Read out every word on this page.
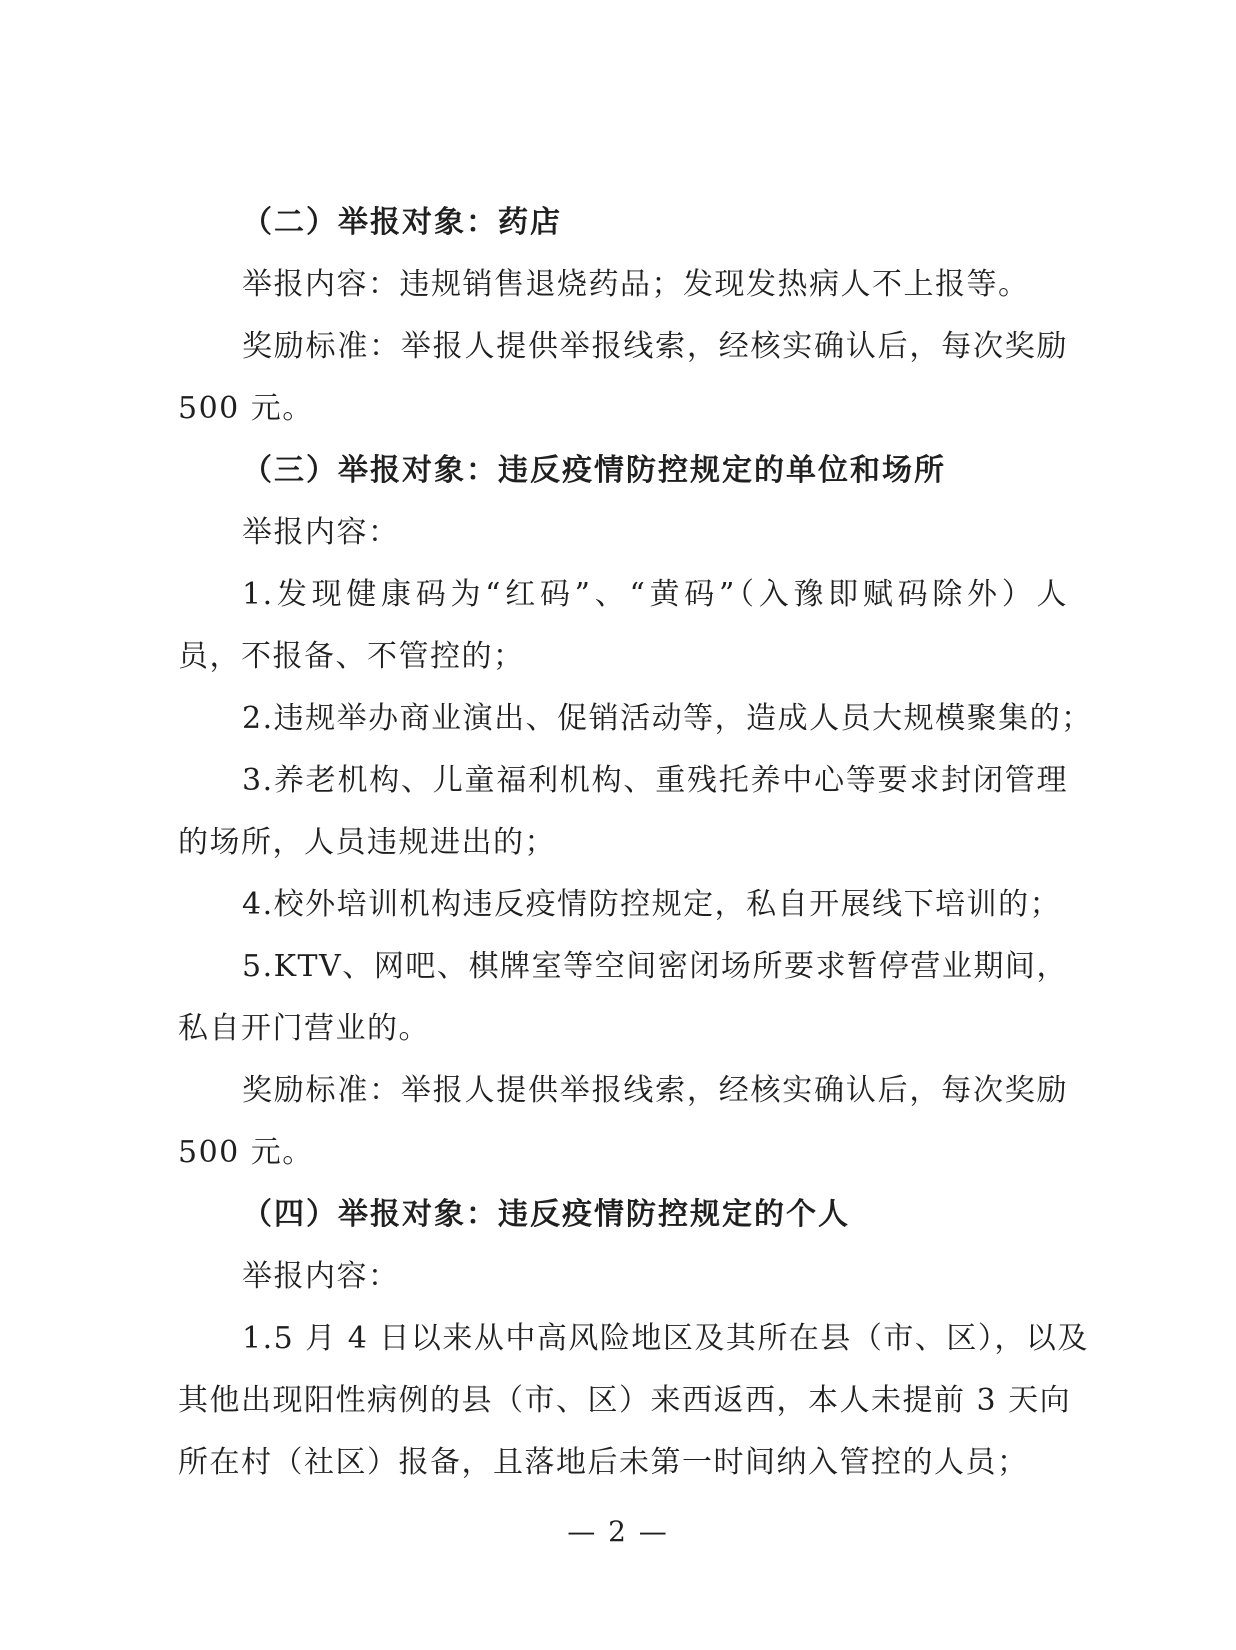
（二）举报对象：药店
举报内容：违规销售退烧药品；发现发热病人不上报等。
奖励标准：举报人提供举报线索，经核实确认后，每次奖励
500 元。
（三）举报对象：违反疫情防控规定的单位和场所
举报内容：
1.发现健康码为“红码”、“黄码”（入豫即赋码除外）人
员，不报备、不管控的；
2.违规举办商业演出、促销活动等，造成人员大规模聚集的；
3.养老机构、儿童福利机构、重残托养中心等要求封闭管理
的场所，人员违规进出的；
4.校外培训机构违反疫情防控规定，私自开展线下培训的；
5.KTV、网吧、棋牌室等空间密闭场所要求暂停营业期间，
私自开门营业的。
奖励标准：举报人提供举报线索，经核实确认后，每次奖励
500 元。
（四）举报对象：违反疫情防控规定的个人
举报内容：
1.5 月 4 日以来从中高风险地区及其所在县（市、区），以及
其他出现阳性病例的县（市、区）来西返西，本人未提前 3 天向
所在村（社区）报备，且落地后未第一时间纳入管控的人员；
— 2 —
